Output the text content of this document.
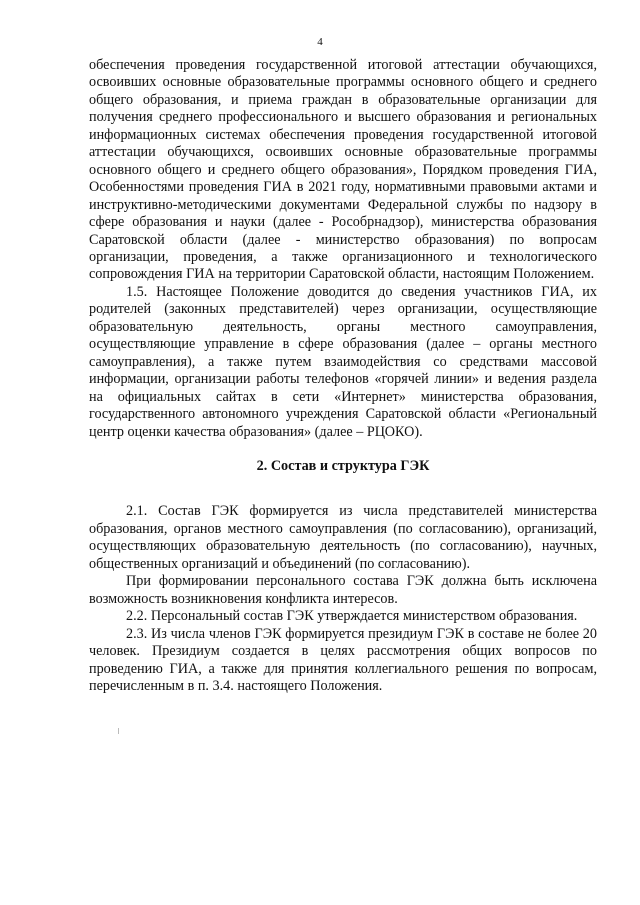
4

обеспечения проведения государственной итоговой аттестации обучающихся, освоивших основные образовательные программы основного общего и среднего общего образования, и приема граждан в образовательные организации для получения среднего профессионального и высшего образования и региональных информационных системах обеспечения проведения государственной итоговой аттестации обучающихся, освоивших основные образовательные программы основного общего и среднего общего образования», Порядком проведения ГИА, Особенностями проведения ГИА в 2021 году, нормативными правовыми актами и инструктивно-методическими документами Федеральной службы по надзору в сфере образования и науки (далее - Рособрнадзор), министерства образования Саратовской области (далее - министерство образования) по вопросам организации, проведения, а также организационного и технологического сопровождения ГИА на территории Саратовской области, настоящим Положением.

1.5. Настоящее Положение доводится до сведения участников ГИА, их родителей (законных представителей) через организации, осуществляющие образовательную деятельность, органы местного самоуправления, осуществляющие управление в сфере образования (далее – органы местного самоуправления), а также путем взаимодействия со средствами массовой информации, организации работы телефонов «горячей линии» и ведения раздела на официальных сайтах в сети «Интернет» министерства образования, государственного автономного учреждения Саратовской области «Региональный центр оценки качества образования» (далее – РЦОКО).

2. Состав и структура ГЭК

2.1. Состав ГЭК формируется из числа представителей министерства образования, органов местного самоуправления (по согласованию), организаций, осуществляющих образовательную деятельность (по согласованию), научных, общественных организаций и объединений (по согласованию).

При формировании персонального состава ГЭК должна быть исключена возможность возникновения конфликта интересов.

2.2. Персональный состав ГЭК утверждается министерством образования.

2.3. Из числа членов ГЭК формируется президиум ГЭК в составе не более 20 человек. Президиум создается в целях рассмотрения общих вопросов по проведению ГИА, а также для принятия коллегиального решения по вопросам, перечисленным в п. 3.4. настоящего Положения.
